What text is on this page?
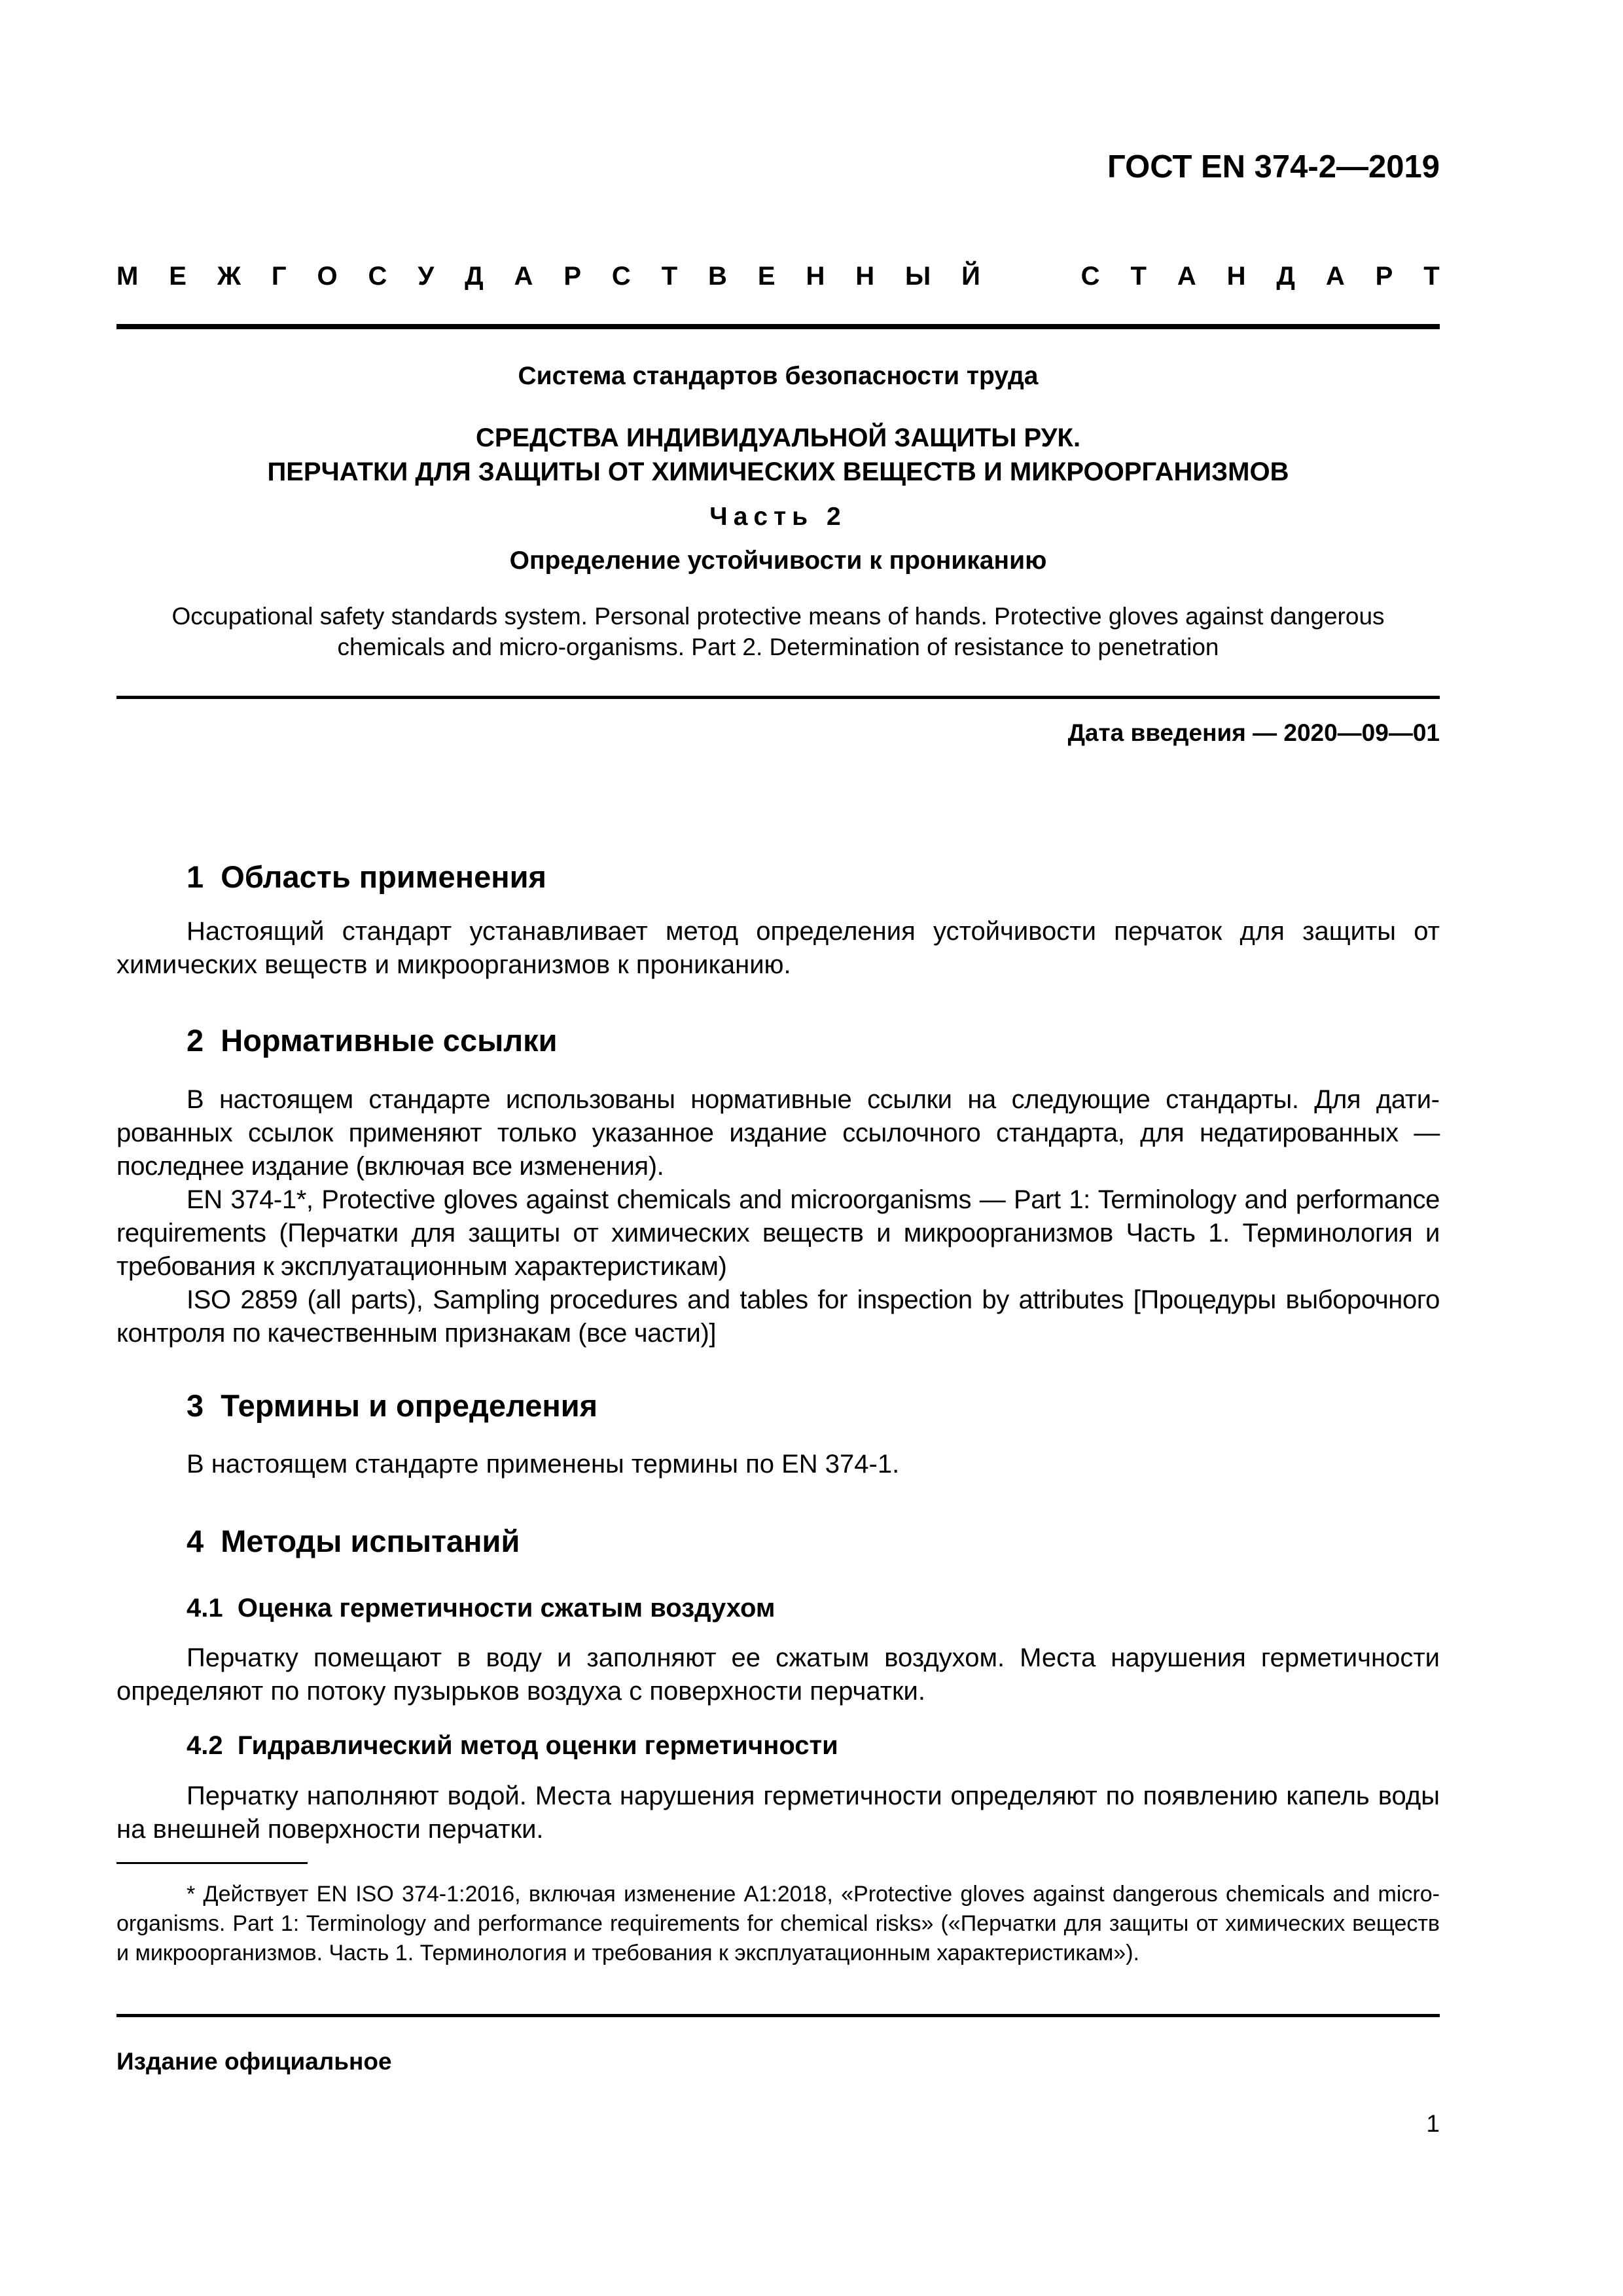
ГОСТ EN 374-2—2019
М Е Ж Г О С У Д А Р С Т В Е Н Н Ы Й	С Т А Н Д А Р Т
Система стандартов безопасности труда
СРЕДСТВА ИНДИВИДУАЛЬНОЙ ЗАЩИТЫ РУК.
ПЕРЧАТКИ ДЛЯ ЗАЩИТЫ ОТ ХИМИЧЕСКИХ ВЕЩЕСТВ И МИКРООРГАНИЗМОВ
Часть 2
Определение устойчивости к прониканию
Occupational safety standards system. Personal protective means of hands. Protective gloves against dangerous
chemicals and micro-organisms. Part 2. Determination of resistance to penetration
Дата введения — 2020—09—01
1  Область применения
Настоящий стандарт устанавливает метод определения устойчивости перчаток для защиты от химических веществ и микроорганизмов к прониканию.
2  Нормативные ссылки
В настоящем стандарте использованы нормативные ссылки на следующие стандарты. Для датированных ссылок применяют только указанное издание ссылочного стандарта, для недатированных — последнее издание (включая все изменения).
EN 374-1*, Protective gloves against chemicals and microorganisms — Part 1: Terminology and performance requirements (Перчатки для защиты от химических веществ и микроорганизмов Часть 1. Терминология и требования к эксплуатационным характеристикам)
ISO 2859 (all parts), Sampling procedures and tables for inspection by attributes [Процедуры выборочного контроля по качественным признакам (все части)]
3  Термины и определения
В настоящем стандарте применены термины по EN 374-1.
4  Методы испытаний
4.1  Оценка герметичности сжатым воздухом
Перчатку помещают в воду и заполняют ее сжатым воздухом. Места нарушения герметичности определяют по потоку пузырьков воздуха с поверхности перчатки.
4.2  Гидравлический метод оценки герметичности
Перчатку наполняют водой. Места нарушения герметичности определяют по появлению капель воды на внешней поверхности перчатки.
* Действует EN ISO 374-1:2016, включая изменение A1:2018, «Protective gloves against dangerous chemicals and micro-organisms. Part 1: Terminology and performance requirements for chemical risks» («Перчатки для защиты от химических веществ и микроорганизмов. Часть 1. Терминология и требования к эксплуатационным характеристикам»).
Издание официальное
1
